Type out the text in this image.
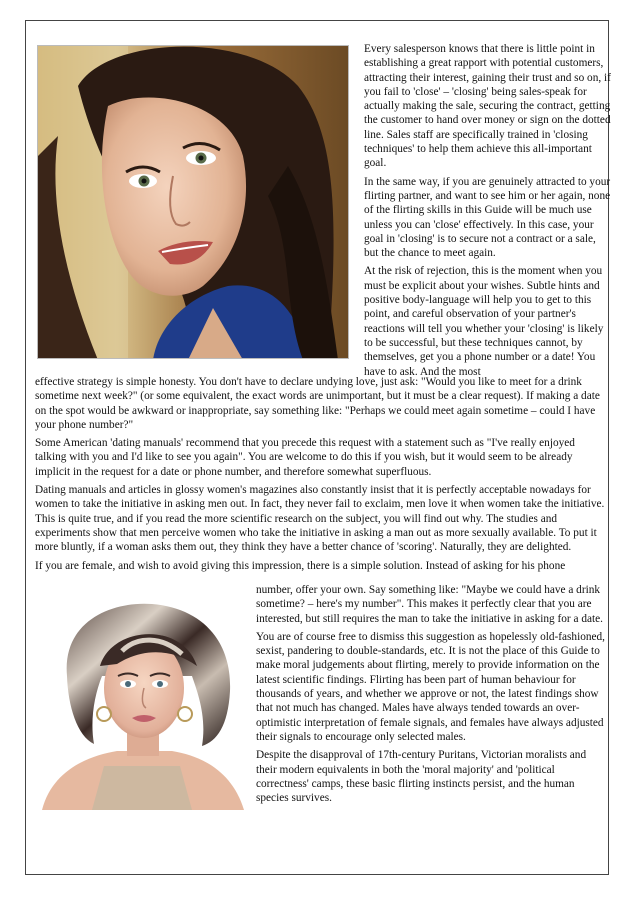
Every salesperson knows that there is little point in establishing a great rapport with potential customers, attracting their interest, gaining their trust and so on, if you fail to 'close' – 'closing' being sales-speak for actually making the sale, securing the contract, getting the customer to hand over money or sign on the dotted line. Sales staff are specifically trained in 'closing techniques' to help them achieve this all-important goal.

In the same way, if you are genuinely attracted to your flirting partner, and want to see him or her again, none of the flirting skills in this Guide will be much use unless you can 'close' effectively. In this case, your goal in 'closing' is to secure not a contract or a sale, but the chance to meet again.

At the risk of rejection, this is the moment when you must be explicit about your wishes. Subtle hints and positive body-language will help you to get to this point, and careful observation of your partner's reactions will tell you whether your 'closing' is likely to be successful, but these techniques cannot, by themselves, get you a phone number or a date! You have to ask. And the most

effective strategy is simple honesty. You don't have to declare undying love, just ask: "Would you like to meet for a drink sometime next week?" (or some equivalent, the exact words are unimportant, but it must be a clear request). If making a date on the spot would be awkward or inappropriate, say something like: "Perhaps we could meet again sometime – could I have your phone number?"

Some American 'dating manuals' recommend that you precede this request with a statement such as "I've really enjoyed talking with you and I'd like to see you again". You are welcome to do this if you wish, but it would seem to be already implicit in the request for a date or phone number, and therefore somewhat superfluous.

Dating manuals and articles in glossy women's magazines also constantly insist that it is perfectly acceptable nowadays for women to take the initiative in asking men out. In fact, they never fail to exclaim, men love it when women take the initiative. This is quite true, and if you read the more scientific research on the subject, you will find out why. The studies and experiments show that men perceive women who take the initiative in asking a man out as more sexually available. To put it more bluntly, if a woman asks them out, they think they have a better chance of 'scoring'. Naturally, they are delighted.

If you are female, and wish to avoid giving this impression, there is a simple solution. Instead of asking for his phone

number, offer your own. Say something like: "Maybe we could have a drink sometime? – here's my number". This makes it perfectly clear that you are interested, but still requires the man to take the initiative in asking for a date.

You are of course free to dismiss this suggestion as hopelessly old-fashioned, sexist, pandering to double-standards, etc. It is not the place of this Guide to make moral judgements about flirting, merely to provide information on the latest scientific findings. Flirting has been part of human behaviour for thousands of years, and whether we approve or not, the latest findings show that not much has changed. Males have always tended towards an over-optimistic interpretation of female signals, and females have always adjusted their signals to encourage only selected males.

Despite the disapproval of 17th-century Puritans, Victorian moralists and their modern equivalents in both the 'moral majority' and 'political correctness' camps, these basic flirting instincts persist, and the human species survives.
